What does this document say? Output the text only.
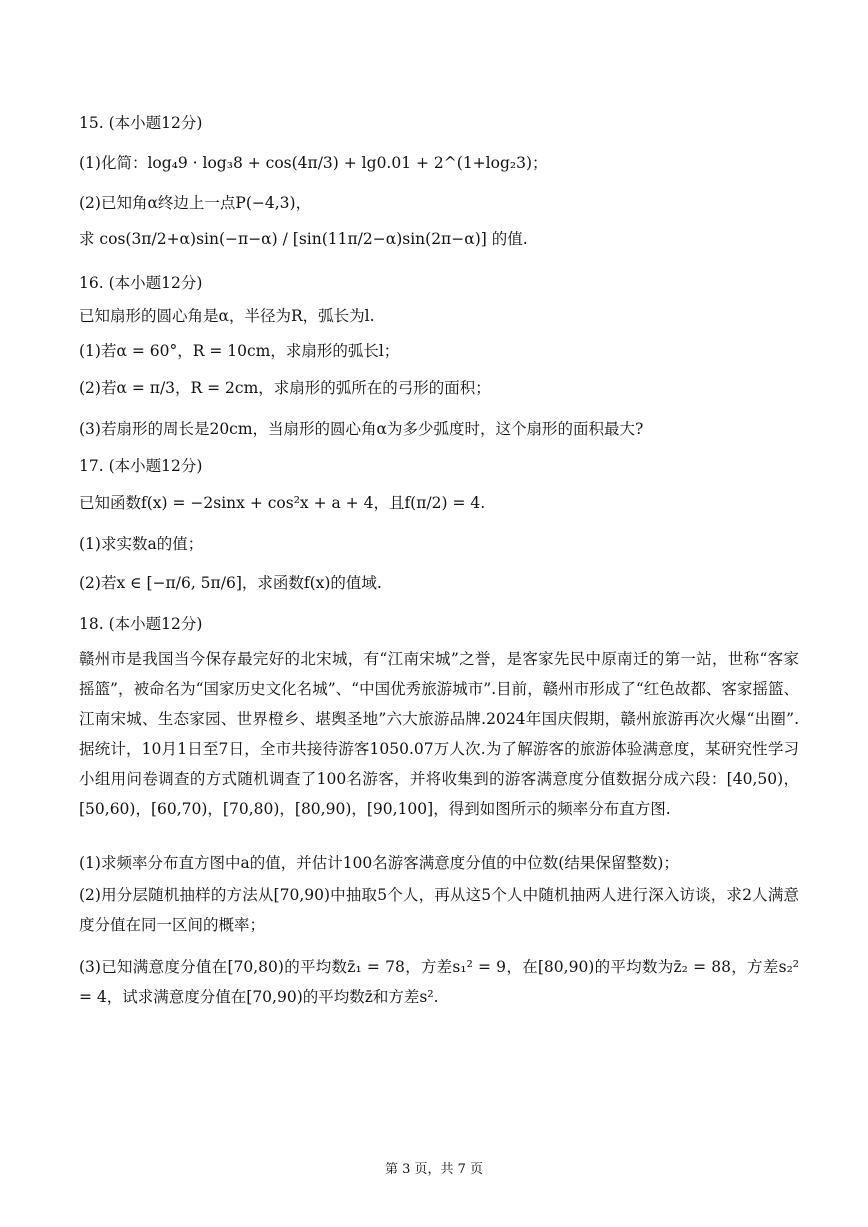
15. (本小题12分)
(1)化简：log₄9 · log₃8 + cos(4π/3) + lg0.01 + 2^(1+log₂3)；
(2)已知角α终边上一点P(−4,3)，
求 cos(3π/2+α)sin(−π−α) / [sin(11π/2−α)sin(2π−α)] 的值.
16. (本小题12分)
已知扇形的圆心角是α，半径为R，弧长为l.
(1)若α = 60°，R = 10cm，求扇形的弧长l；
(2)若α = π/3，R = 2cm，求扇形的弧所在的弓形的面积；
(3)若扇形的周长是20cm，当扇形的圆心角α为多少弧度时，这个扇形的面积最大?
17. (本小题12分)
已知函数f(x) = −2sinx + cos²x + a + 4，且f(π/2) = 4.
(1)求实数a的值；
(2)若x ∈ [−π/6, 5π/6]，求函数f(x)的值域.
18. (本小题12分)
赣州市是我国当今保存最完好的北宋城，有“江南宋城”之誉，是客家先民中原南迁的第一站，世称“客家摇篮”，被命名为“国家历史文化名城”、“中国优秀旅游城市”.目前，赣州市形成了“红色故都、客家摇篮、江南宋城、生态家园、世界橙乡、堪舆圣地”六大旅游品牌.2024年国庆假期，赣州旅游再次火爆“出圈”.据统计，10月1日至7日，全市共接待游客1050.07万人次.为了解游客的旅游体验满意度，某研究性学习小组用问卷调查的方式随机调查了100名游客，并将收集到的游客满意度分值数据分成六段：[40,50)，[50,60)，[60,70)，[70,80)，[80,90)，[90,100]，得到如图所示的频率分布直方图.
(1)求频率分布直方图中a的值，并估计100名游客满意度分值的中位数(结果保留整数)；
(2)用分层随机抽样的方法从[70,90)中抽取5个人，再从这5个人中随机抽两人进行深入访谈，求2人满意度分值在同一区间的概率；
(3)已知满意度分值在[70,80)的平均数z̄₁ = 78，方差s₁² = 9，在[80,90)的平均数为z̄₂ = 88，方差s₂² = 4，试求满意度分值在[70,90)的平均数z̄和方差s².
第 3 页，共 7 页
